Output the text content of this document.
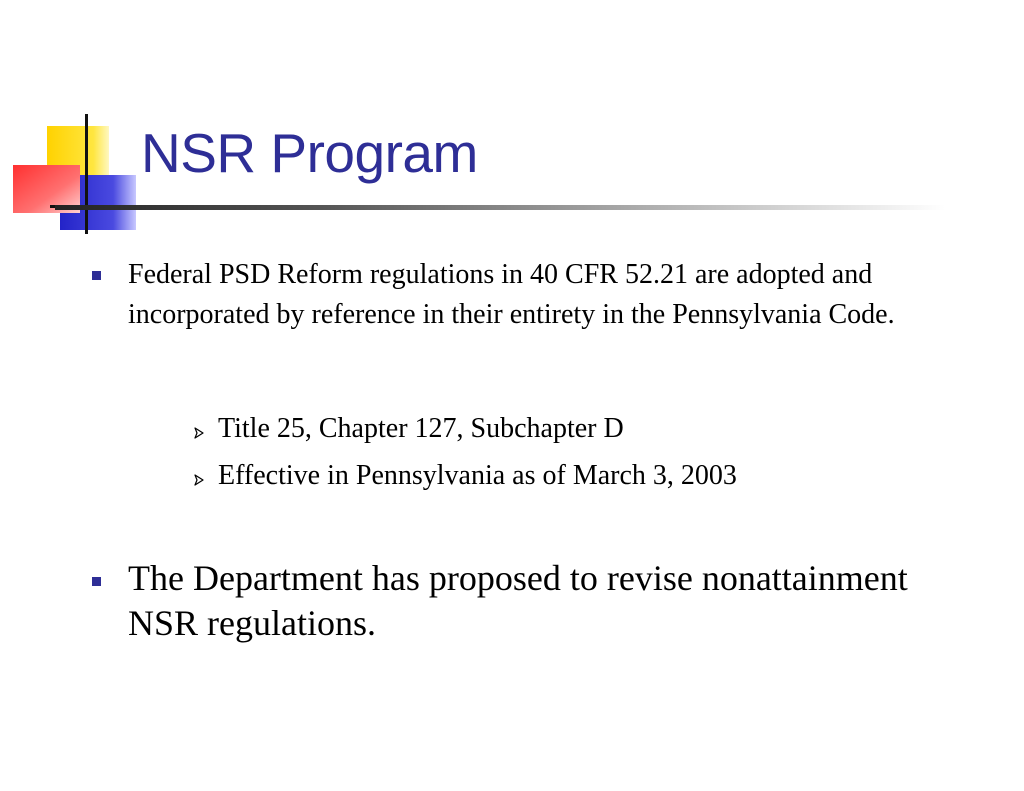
NSR Program

Federal PSD Reform regulations in 40 CFR 52.21 are adopted and incorporated by reference in their entirety in the Pennsylvania Code.

Title 25, Chapter 127, Subchapter D

Effective in Pennsylvania as of March 3, 2003

The Department has proposed to revise nonattainment NSR regulations.
